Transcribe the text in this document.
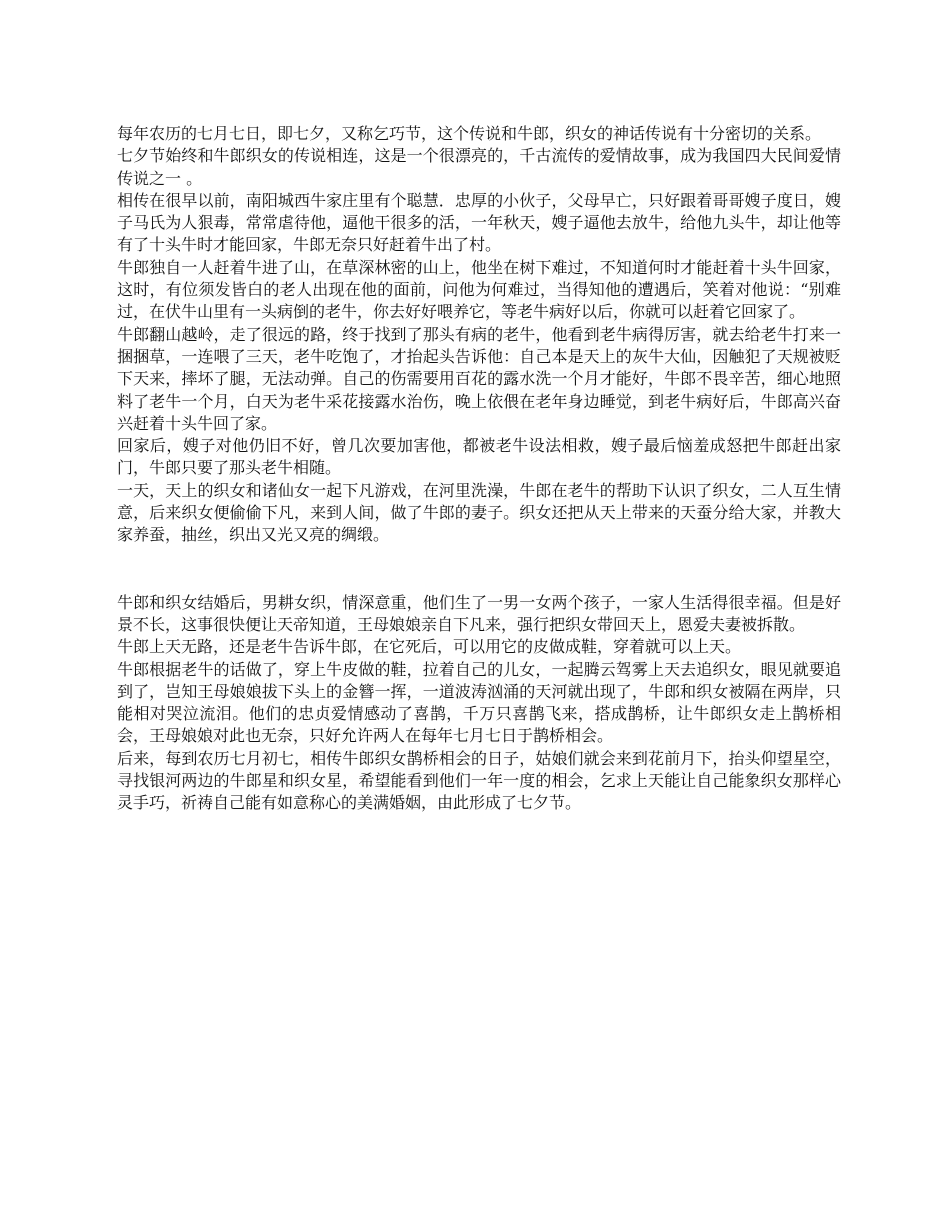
每年农历的七月七日，即七夕，又称乞巧节，这个传说和牛郎，织女的神话传说有十分密切的关系。

七夕节始终和牛郎织女的传说相连，这是一个很漂亮的，千古流传的爱情故事，成为我国四大民间爱情传说之一 。

相传在很早以前，南阳城西牛家庄里有个聪慧．忠厚的小伙子，父母早亡，只好跟着哥哥嫂子度日，嫂子马氏为人狠毒，常常虐待他，逼他干很多的活，一年秋天，嫂子逼他去放牛，给他九头牛，却让他等有了十头牛时才能回家，牛郎无奈只好赶着牛出了村。

牛郎独自一人赶着牛进了山，在草深林密的山上，他坐在树下难过，不知道何时才能赶着十头牛回家，这时，有位须发皆白的老人出现在他的面前，问他为何难过，当得知他的遭遇后，笑着对他说：“别难过，在伏牛山里有一头病倒的老牛，你去好好喂养它，等老牛病好以后，你就可以赶着它回家了。

牛郎翻山越岭，走了很远的路，终于找到了那头有病的老牛，他看到老牛病得厉害，就去给老牛打来一捆捆草，一连喂了三天，老牛吃饱了，才抬起头告诉他：自己本是天上的灰牛大仙，因触犯了天规被贬下天来，摔坏了腿，无法动弹。自己的伤需要用百花的露水洗一个月才能好，牛郎不畏辛苦，细心地照料了老牛一个月，白天为老牛采花接露水治伤，晚上依偎在老年身边睡觉，到老牛病好后，牛郎高兴奋兴赶着十头牛回了家。

回家后，嫂子对他仍旧不好，曾几次要加害他，都被老牛设法相救，嫂子最后恼羞成怒把牛郎赶出家门，牛郎只要了那头老牛相随。

一天，天上的织女和诸仙女一起下凡游戏，在河里洗澡，牛郎在老牛的帮助下认识了织女，二人互生情意，后来织女便偷偷下凡，来到人间，做了牛郎的妻子。织女还把从天上带来的天蚕分给大家，并教大家养蚕，抽丝，织出又光又亮的绸缎。

牛郎和织女结婚后，男耕女织，情深意重，他们生了一男一女两个孩子，一家人生活得很幸福。但是好景不长，这事很快便让天帝知道，王母娘娘亲自下凡来，强行把织女带回天上，恩爱夫妻被拆散。

牛郎上天无路，还是老牛告诉牛郎，在它死后，可以用它的皮做成鞋，穿着就可以上天。

牛郎根据老牛的话做了，穿上牛皮做的鞋，拉着自己的儿女，一起腾云驾雾上天去追织女，眼见就要追到了，岂知王母娘娘拔下头上的金簪一挥，一道波涛汹涌的天河就出现了，牛郎和织女被隔在两岸，只能相对哭泣流泪。他们的忠贞爱情感动了喜鹊，千万只喜鹊飞来，搭成鹊桥，让牛郎织女走上鹊桥相会，王母娘娘对此也无奈，只好允许两人在每年七月七日于鹊桥相会。

后来，每到农历七月初七，相传牛郎织女鹊桥相会的日子，姑娘们就会来到花前月下，抬头仰望星空，寻找银河两边的牛郎星和织女星，希望能看到他们一年一度的相会，乞求上天能让自己能象织女那样心灵手巧，祈祷自己能有如意称心的美满婚姻，由此形成了七夕节。
